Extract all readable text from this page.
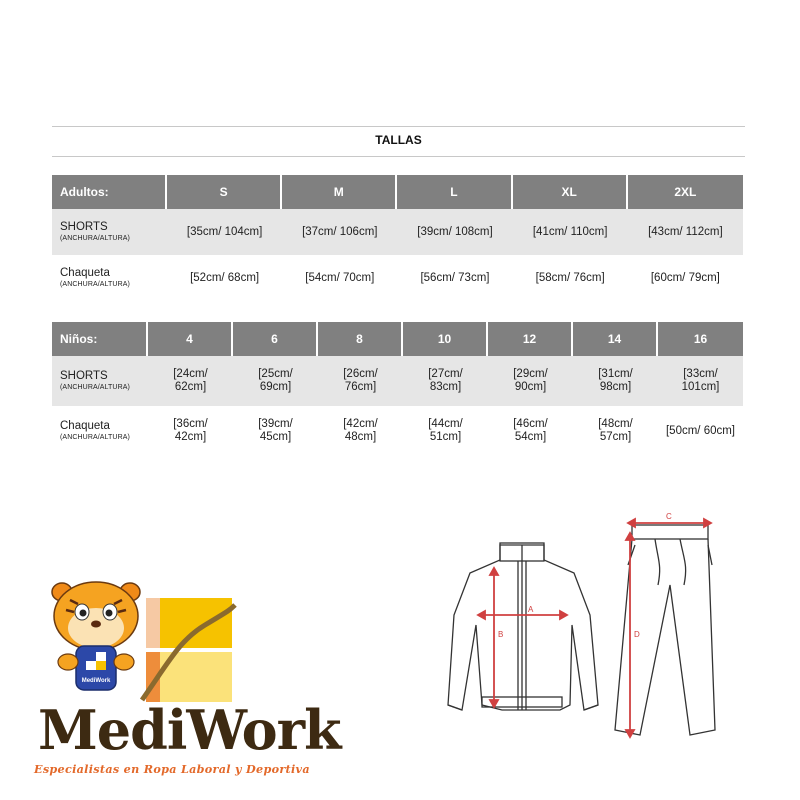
TALLAS
Adultos:	S	M	L	XL	2XL

SHORTS
(ANCHURA/ALTURA)	[35cm/ 104cm]	[37cm/ 106cm]	[39cm/ 108cm]	[41cm/ 110cm]	[43cm/ 112cm]

Chaqueta
(ANCHURA/ALTURA)	[52cm/ 68cm]	[54cm/ 70cm]	[56cm/ 73cm]	[58cm/ 76cm]	[60cm/ 79cm]
Niños:	4	6	8	10	12	14	16

SHORTS
(ANCHURA/ALTURA)	[24cm/
62cm]	[25cm/
69cm]	[26cm/
76cm]	[27cm/
83cm]	[29cm/
90cm]	[31cm/
98cm]	[33cm/
101cm]

Chaqueta
(ANCHURA/ALTURA)	[36cm/
42cm]	[39cm/
45cm]	[42cm/
48cm]	[44cm/
51cm]	[46cm/
54cm]	[48cm/
57cm]	[50cm/ 60cm]
MediWork
MediWork
Especialistas en Ropa Laboral y Deportiva
A
B
C
D
